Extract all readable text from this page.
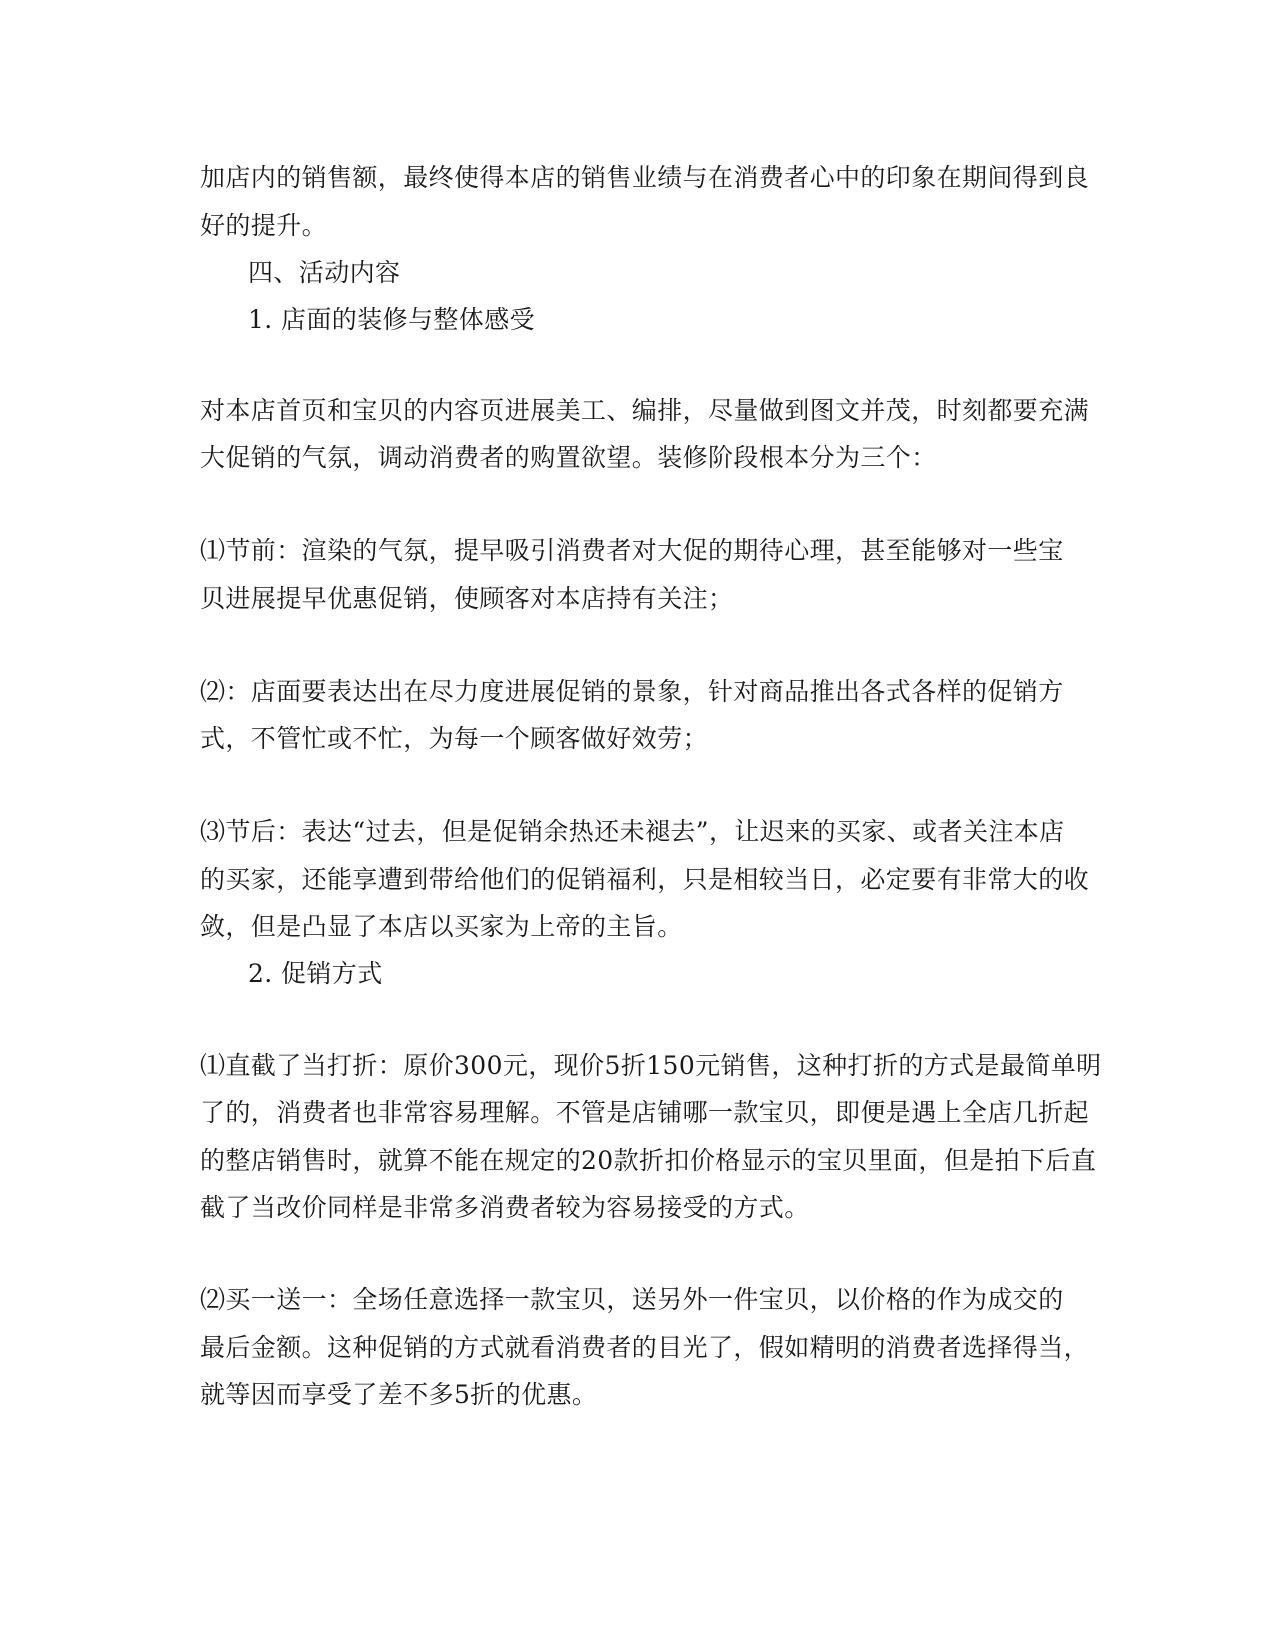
加店内的销售额，最终使得本店的销售业绩与在消费者心中的印象在期间得到良
好的提升。
四、活动内容
1. 店面的装修与整体感受
对本店首页和宝贝的内容页进展美工、编排，尽量做到图文并茂，时刻都要充满
大促销的气氛，调动消费者的购置欲望。装修阶段根本分为三个：
⑴节前：渲染的气氛，提早吸引消费者对大促的期待心理，甚至能够对一些宝
贝进展提早优惠促销，使顾客对本店持有关注；
⑵：店面要表达出在尽力度进展促销的景象，针对商品推出各式各样的促销方
式，不管忙或不忙，为每一个顾客做好效劳；
⑶节后：表达“过去，但是促销余热还未褪去”，让迟来的买家、或者关注本店
的买家，还能享遭到带给他们的促销福利，只是相较当日，必定要有非常大的收
敛，但是凸显了本店以买家为上帝的主旨。
2. 促销方式
⑴直截了当打折：原价300元，现价5折150元销售，这种打折的方式是最简单明
了的，消费者也非常容易理解。不管是店铺哪一款宝贝，即便是遇上全店几折起
的整店销售时，就算不能在规定的20款折扣价格显示的宝贝里面，但是拍下后直
截了当改价同样是非常多消费者较为容易接受的方式。
⑵买一送一：全场任意选择一款宝贝，送另外一件宝贝，以价格的作为成交的
最后金额。这种促销的方式就看消费者的目光了，假如精明的消费者选择得当，
就等因而享受了差不多5折的优惠。
